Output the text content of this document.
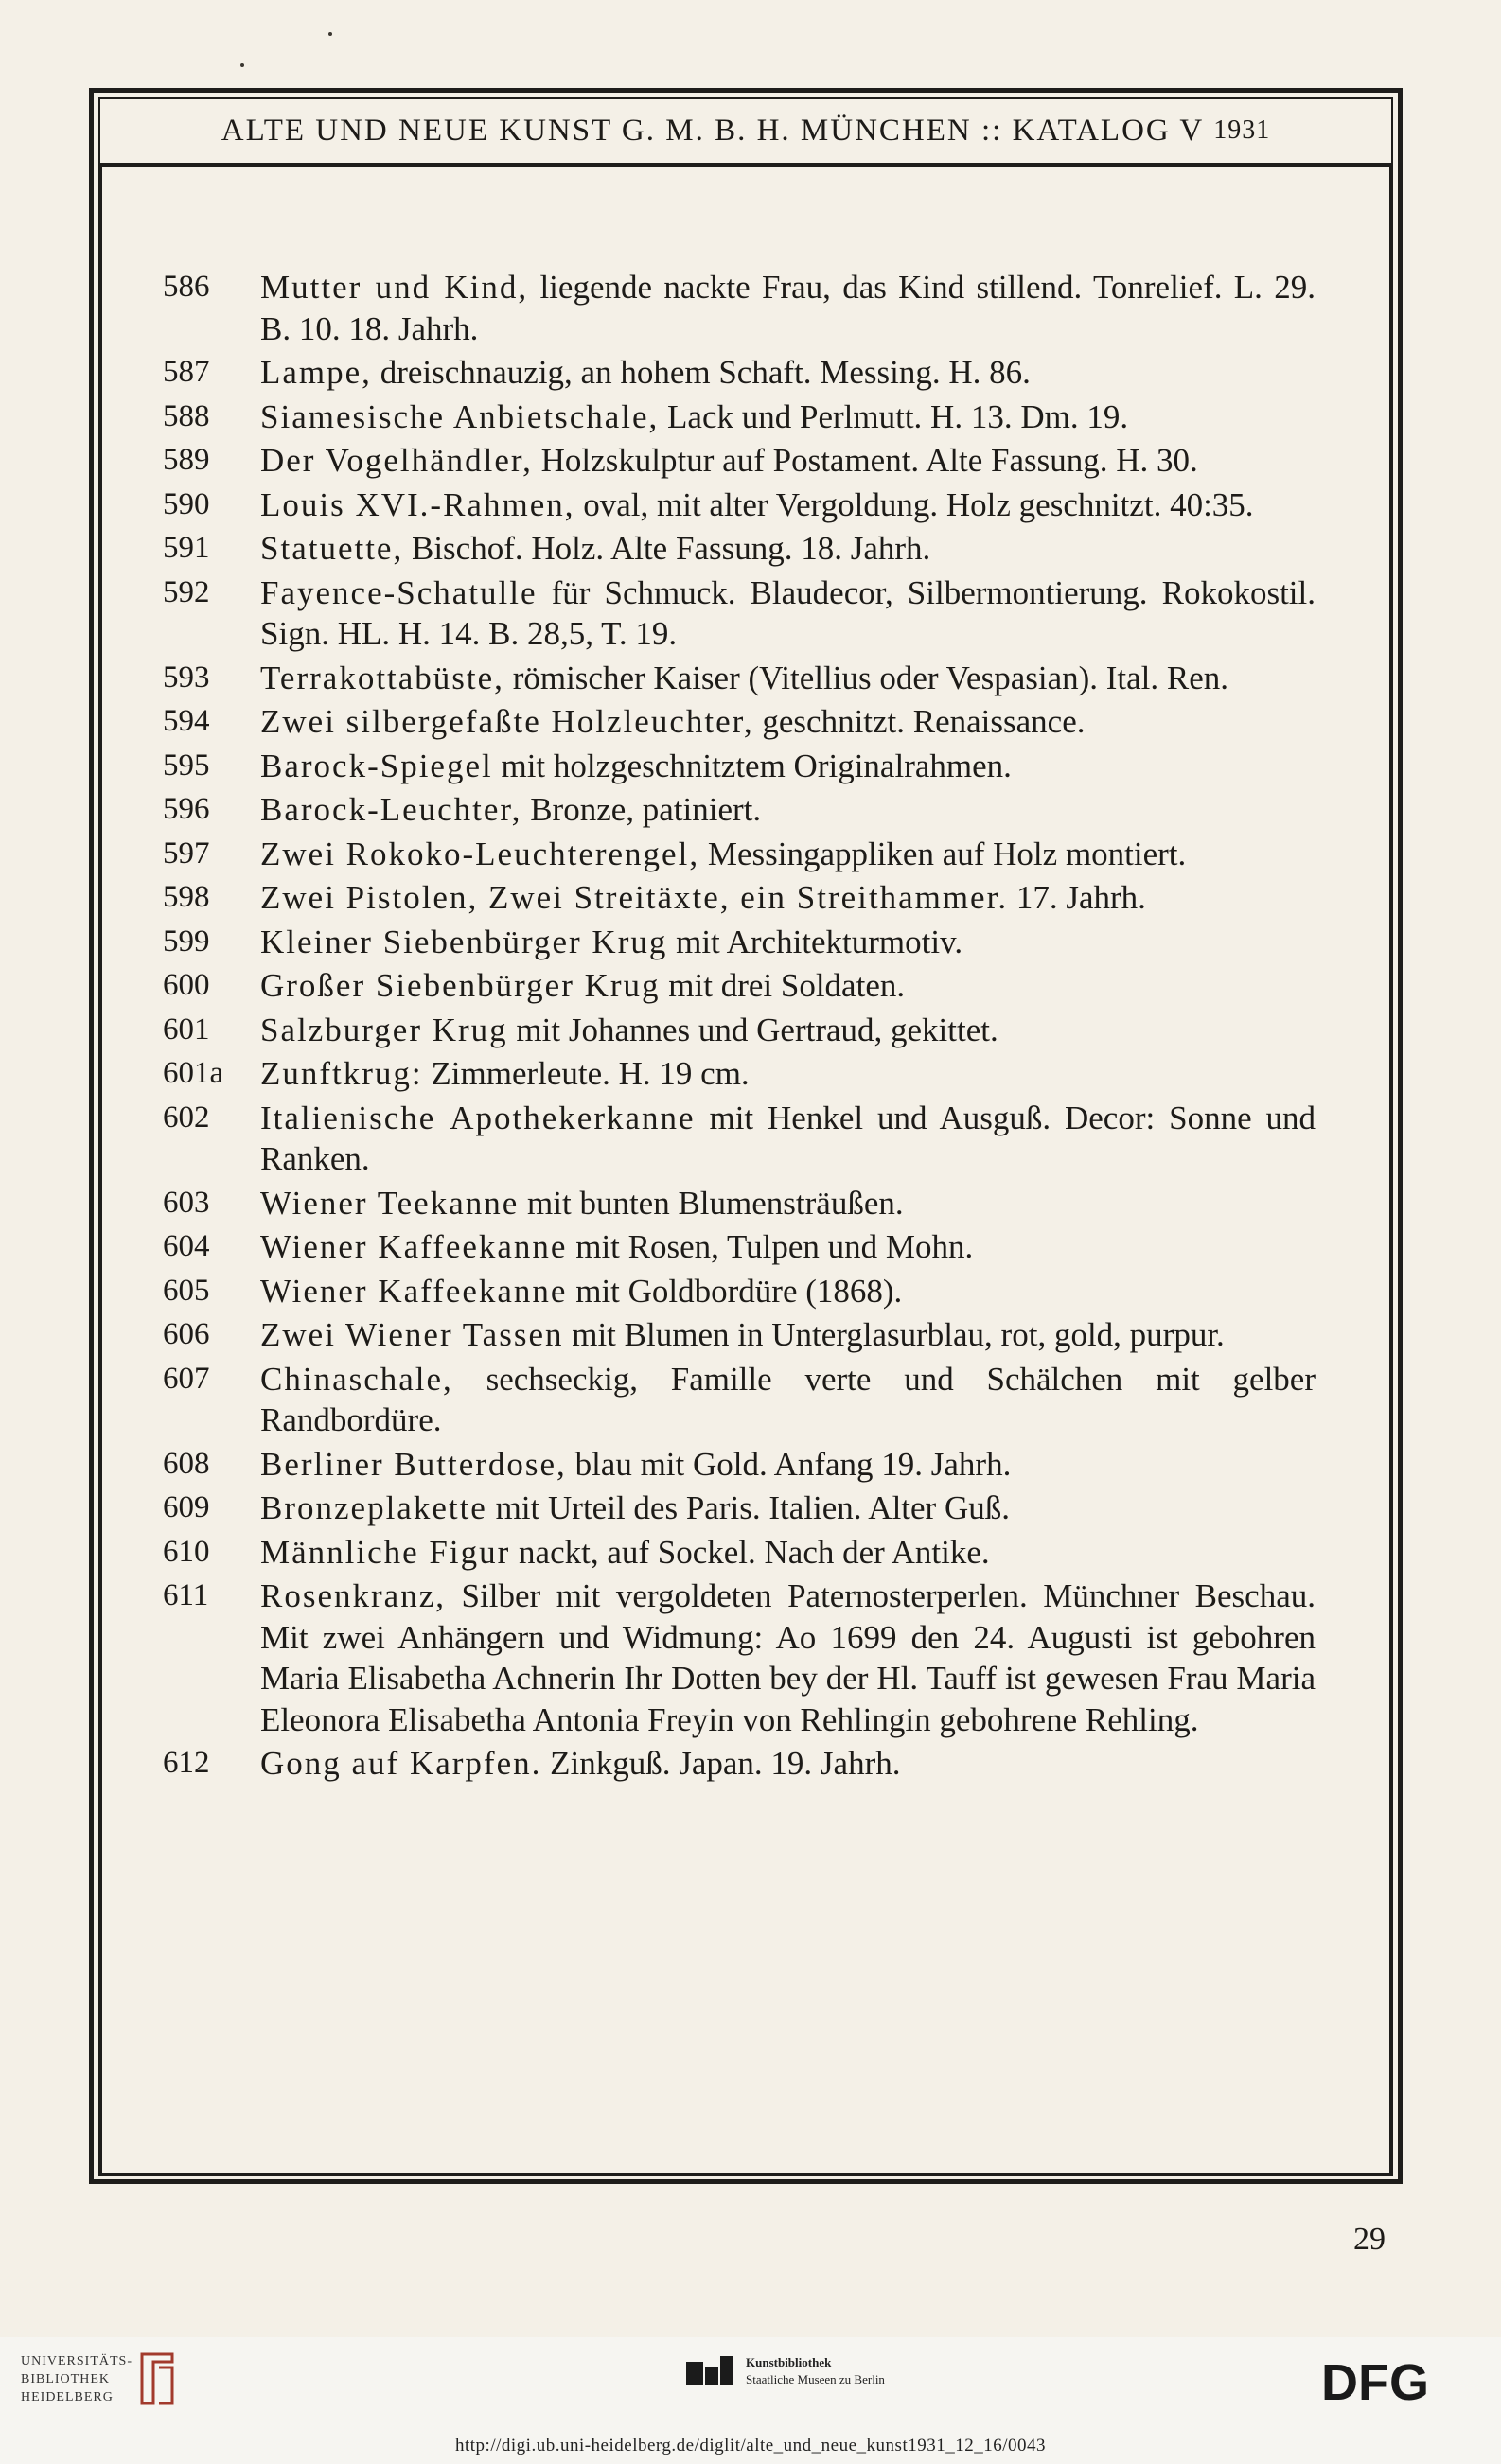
ALTE UND NEUE KUNST G. M. B. H. MÜNCHEN :: KATALOG V 1931
586	Mutter und Kind, liegende nackte Frau, das Kind stillend. Tonrelief. L. 29. B. 10. 18. Jahrh.
587	Lampe, dreischnauzig, an hohem Schaft. Messing. H. 86.
588	Siamesische Anbietschale, Lack und Perlmutt. H. 13. Dm. 19.
589	Der Vogelhändler, Holzskulptur auf Postament. Alte Fassung. H. 30.
590	Louis XVI.-Rahmen, oval, mit alter Vergoldung. Holz geschnitzt. 40:35.
591	Statuette, Bischof. Holz. Alte Fassung. 18. Jahrh.
592	Fayence-Schatulle für Schmuck. Blaudecor, Silbermontierung. Rokokostil. Sign. HL. H. 14. B. 28,5, T. 19.
593	Terrakottabüste, römischer Kaiser (Vitellius oder Vespasian). Ital. Ren.
594	Zwei silbergefaßte Holzleuchter, geschnitzt. Renaissance.
595	Barock-Spiegel mit holzgeschnitztem Originalrahmen.
596	Barock-Leuchter, Bronze, patiniert.
597	Zwei Rokoko-Leuchterengel, Messingappliken auf Holz montiert.
598	Zwei Pistolen, Zwei Streitäxte, ein Streithammer. 17. Jahrh.
599	Kleiner Siebenbürger Krug mit Architekturmotiv.
600	Großer Siebenbürger Krug mit drei Soldaten.
601	Salzburger Krug mit Johannes und Gertraud, gekittet.
601a	Zunftkrug: Zimmerleute. H. 19 cm.
602	Italienische Apothekerkanne mit Henkel und Ausguß. Decor: Sonne und Ranken.
603	Wiener Teekanne mit bunten Blumensträußen.
604	Wiener Kaffeekanne mit Rosen, Tulpen und Mohn.
605	Wiener Kaffeekanne mit Goldbordüre (1868).
606	Zwei Wiener Tassen mit Blumen in Unterglasurblau, rot, gold, purpur.
607	Chinaschale, sechseckig, Famille verte und Schälchen mit gelber Randbordüre.
608	Berliner Butterdose, blau mit Gold. Anfang 19. Jahrh.
609	Bronzeplakette mit Urteil des Paris. Italien. Alter Guß.
610	Männliche Figur nackt, auf Sockel. Nach der Antike.
611	Rosenkranz, Silber mit vergoldeten Paternosterperlen. Münchner Beschau. Mit zwei Anhängern und Widmung: Ao 1699 den 24. Augusti ist gebohren Maria Elisabetha Achnerin Ihr Dotten bey der Hl. Tauff ist gewesen Frau Maria Eleonora Elisabetha Antonia Freyin von Rehlingin gebohrene Rehling.
612	Gong auf Karpfen. Zinkguß. Japan. 19. Jahrh.
29
UNIVERSITÄTS-
BIBLIOTHEK
HEIDELBERG
Kunstbibliothek
Staatliche Museen zu Berlin	DFG
http://digi.ub.uni-heidelberg.de/diglit/alte_und_neue_kunst1931_12_16/0043
